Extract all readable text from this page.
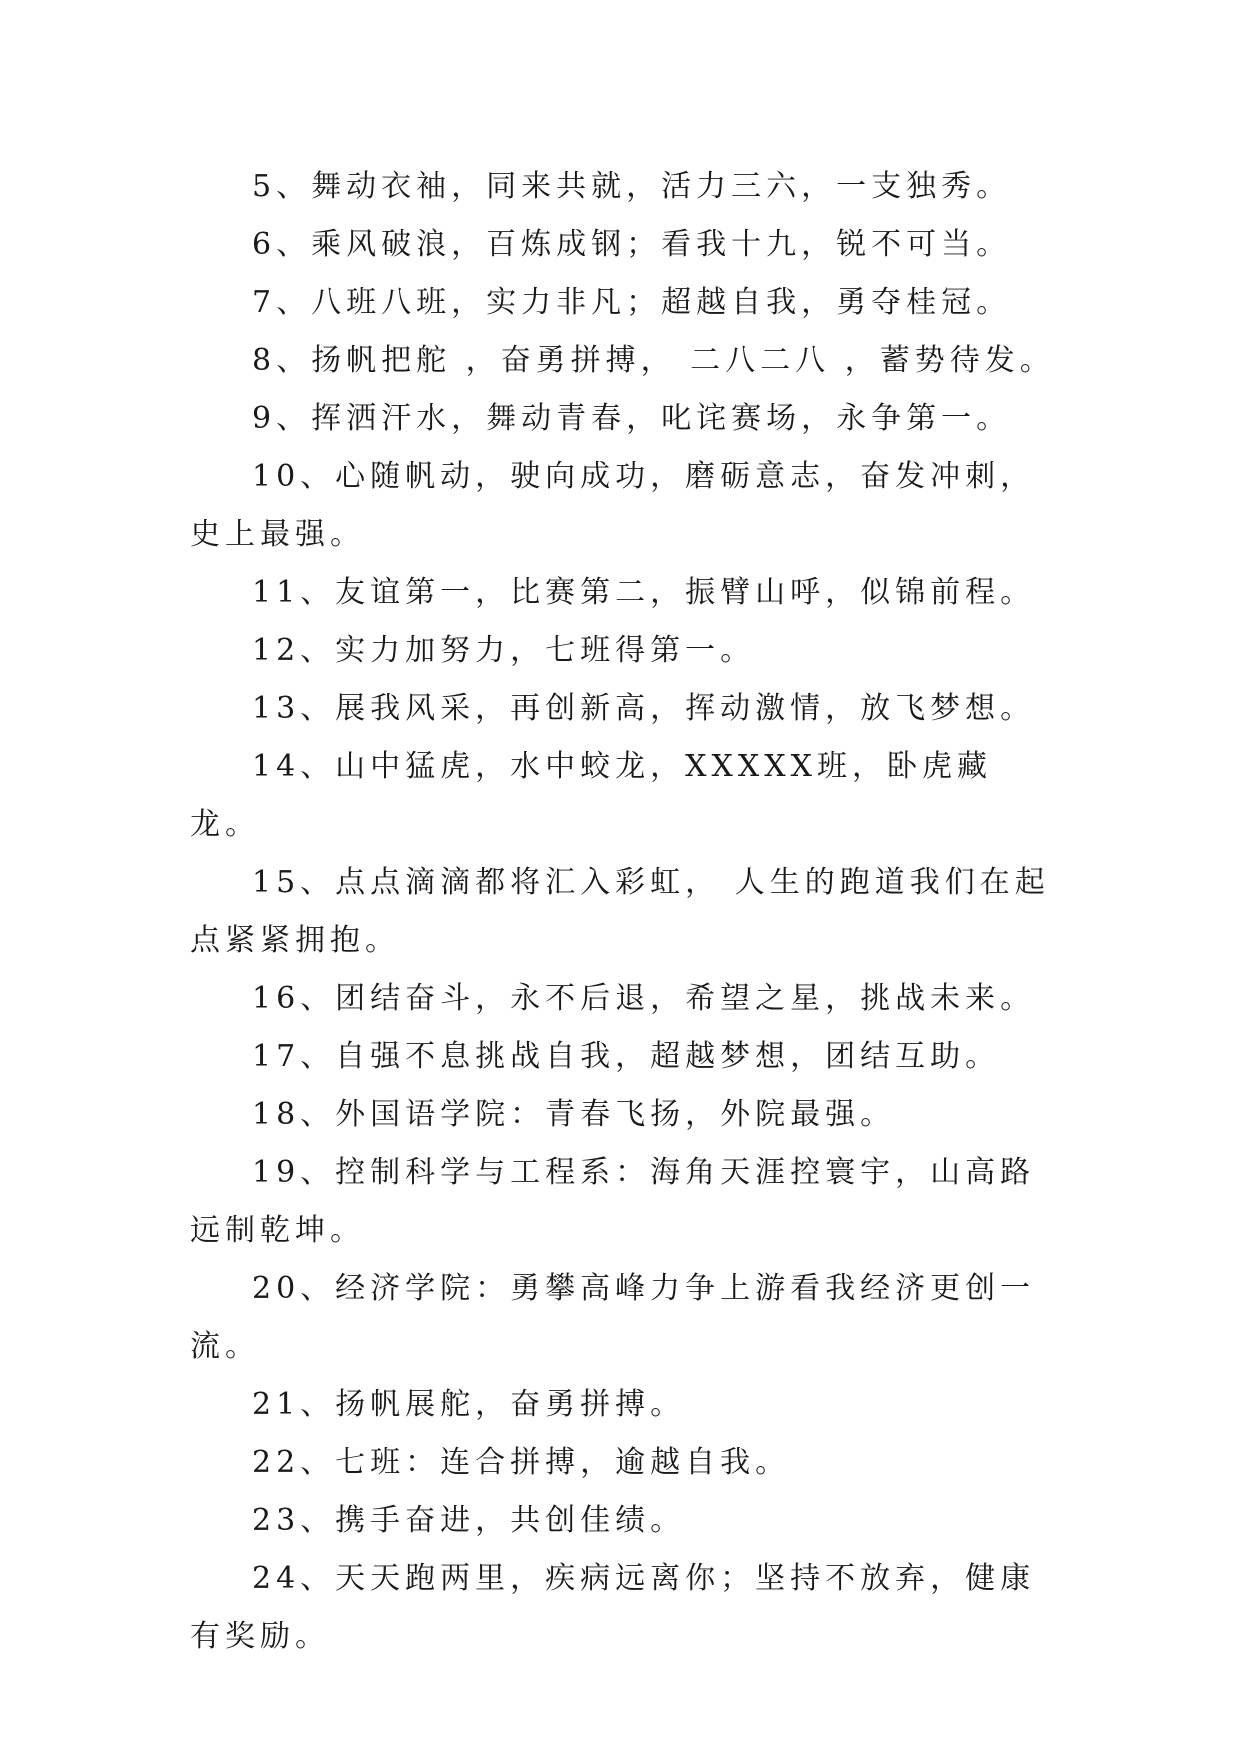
5、舞动衣袖，同来共就，活力三六，一支独秀。

6、乘风破浪，百炼成钢；看我十九，锐不可当。

7、八班八班，实力非凡；超越自我，勇夺桂冠。

8、扬帆把舵 ，奋勇拼搏， 二八二八 ，蓄势待发。

9、挥洒汗水，舞动青春，叱诧赛场，永争第一。

10、心随帆动，驶向成功，磨砺意志，奋发冲刺，史上最强。

11、友谊第一，比赛第二，振臂山呼，似锦前程。

12、实力加努力，七班得第一。

13、展我风采，再创新高，挥动激情，放飞梦想。

14、山中猛虎，水中蛟龙，XXXXX班，卧虎藏龙。

15、点点滴滴都将汇入彩虹， 人生的跑道我们在起点紧紧拥抱。

16、团结奋斗，永不后退，希望之星，挑战未来。

17、自强不息挑战自我，超越梦想，团结互助。

18、外国语学院：青春飞扬，外院最强。

19、控制科学与工程系：海角天涯控寰宇，山高路远制乾坤。

20、经济学院：勇攀高峰力争上游看我经济更创一流。

21、扬帆展舵，奋勇拼搏。

22、七班：连合拼搏，逾越自我。

23、携手奋进，共创佳绩。

24、天天跑两里，疾病远离你；坚持不放弃，健康有奖励。
